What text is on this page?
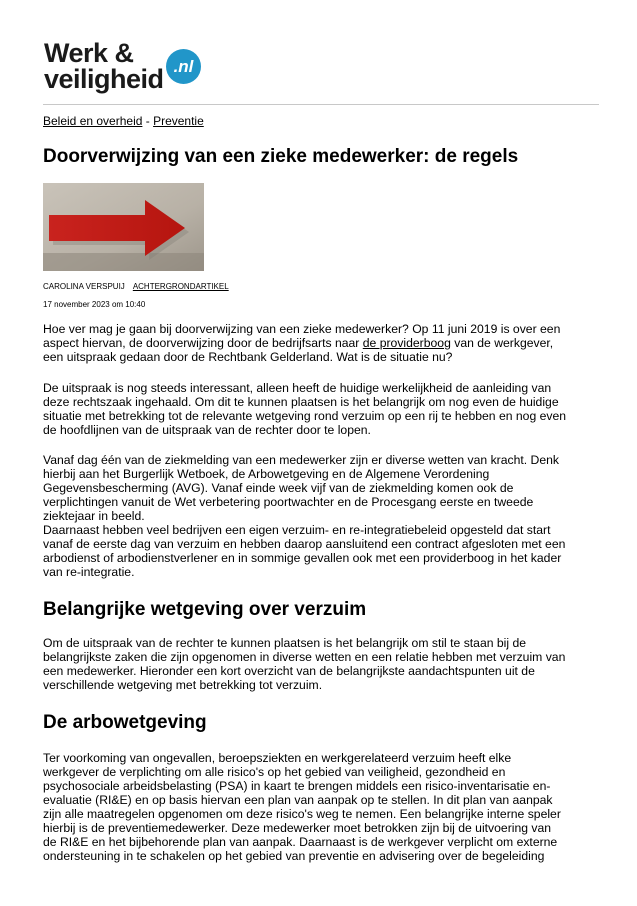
Werk &
veiligheid .nl
Beleid en overheid - Preventie
Doorverwijzing van een zieke medewerker: de regels
CAROLINA VERSPUIJ ACHTERGRONDARTIKEL
17 november 2023 om 10:40
Hoe ver mag je gaan bij doorverwijzing van een zieke medewerker? Op 11 juni 2019 is over een
aspect hiervan, de doorverwijzing door de bedrijfsarts naar de providerboog van de werkgever,
een uitspraak gedaan door de Rechtbank Gelderland. Wat is de situatie nu?
De uitspraak is nog steeds interessant, alleen heeft de huidige werkelijkheid de aanleiding van
deze rechtszaak ingehaald. Om dit te kunnen plaatsen is het belangrijk om nog even de huidige
situatie met betrekking tot de relevante wetgeving rond verzuim op een rij te hebben en nog even
de hoofdlijnen van de uitspraak van de rechter door te lopen.
Vanaf dag één van de ziekmelding van een medewerker zijn er diverse wetten van kracht. Denk
hierbij aan het Burgerlijk Wetboek, de Arbowetgeving en de Algemene Verordening
Gegevensbescherming (AVG). Vanaf einde week vijf van de ziekmelding komen ook de
verplichtingen vanuit de Wet verbetering poortwachter en de Procesgang eerste en tweede
ziektejaar in beeld.
Daarnaast hebben veel bedrijven een eigen verzuim- en re-integratiebeleid opgesteld dat start
vanaf de eerste dag van verzuim en hebben daarop aansluitend een contract afgesloten met een
arbodienst of arbodienstverlener en in sommige gevallen ook met een providerboog in het kader
van re-integratie.
Belangrijke wetgeving over verzuim
Om de uitspraak van de rechter te kunnen plaatsen is het belangrijk om stil te staan bij de
belangrijkste zaken die zijn opgenomen in diverse wetten en een relatie hebben met verzuim van
een medewerker. Hieronder een kort overzicht van de belangrijkste aandachtspunten uit de
verschillende wetgeving met betrekking tot verzuim.
De arbowetgeving
Ter voorkoming van ongevallen, beroepsziekten en werkgerelateerd verzuim heeft elke
werkgever de verplichting om alle risico's op het gebied van veiligheid, gezondheid en
psychosociale arbeidsbelasting (PSA) in kaart te brengen middels een risico-inventarisatie en-
evaluatie (RI&E) en op basis hiervan een plan van aanpak op te stellen. In dit plan van aanpak
zijn alle maatregelen opgenomen om deze risico's weg te nemen. Een belangrijke interne speler
hierbij is de preventiemedewerker. Deze medewerker moet betrokken zijn bij de uitvoering van
de RI&E en het bijbehorende plan van aanpak. Daarnaast is de werkgever verplicht om externe
ondersteuning in te schakelen op het gebied van preventie en advisering over de begeleiding
